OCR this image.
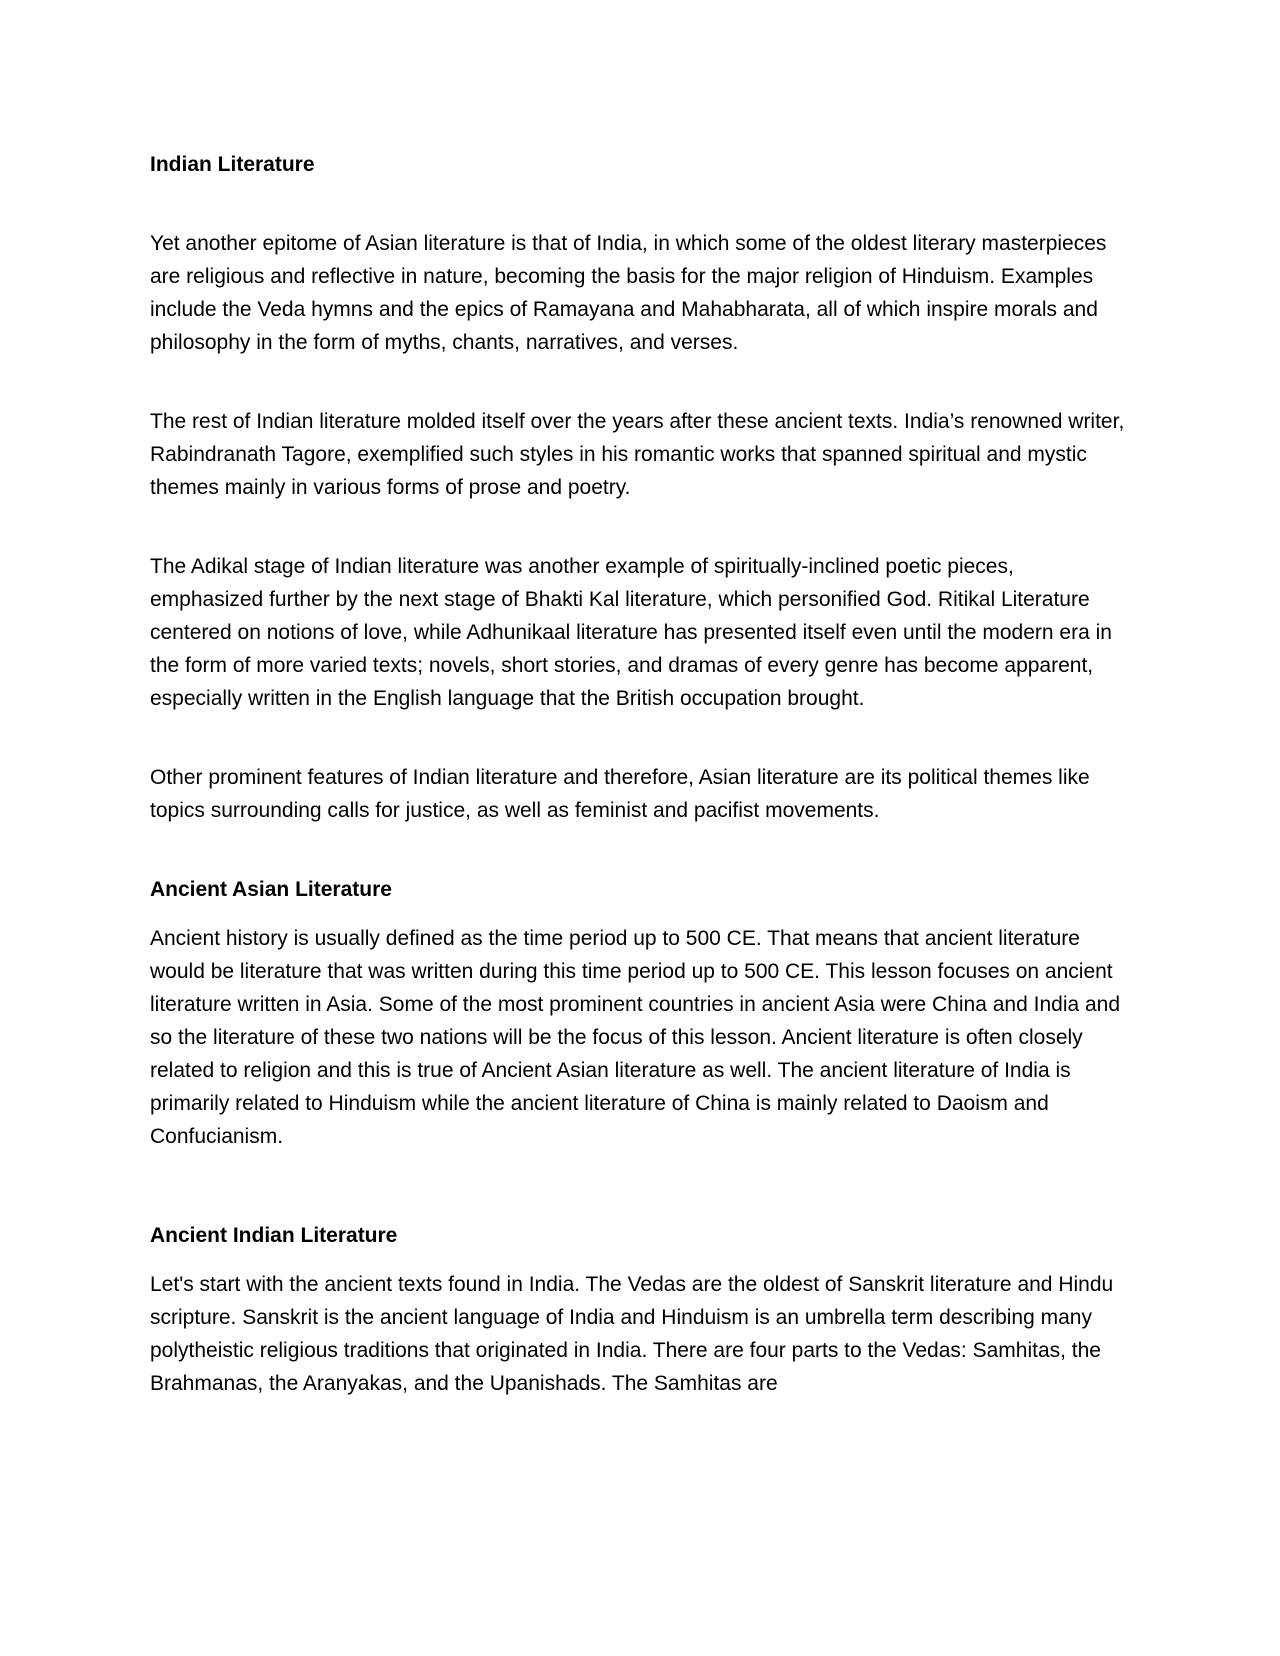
Indian Literature

Yet another epitome of Asian literature is that of India, in which some of the oldest literary masterpieces are religious and reflective in nature, becoming the basis for the major religion of Hinduism. Examples include the Veda hymns and the epics of Ramayana and Mahabharata, all of which inspire morals and philosophy in the form of myths, chants, narratives, and verses.

The rest of Indian literature molded itself over the years after these ancient texts. India’s renowned writer, Rabindranath Tagore, exemplified such styles in his romantic works that spanned spiritual and mystic themes mainly in various forms of prose and poetry.

The Adikal stage of Indian literature was another example of spiritually-inclined poetic pieces, emphasized further by the next stage of Bhakti Kal literature, which personified God. Ritikal Literature centered on notions of love, while Adhunikaal literature has presented itself even until the modern era in the form of more varied texts; novels, short stories, and dramas of every genre has become apparent, especially written in the English language that the British occupation brought.

Other prominent features of Indian literature and therefore, Asian literature are its political themes like topics surrounding calls for justice, as well as feminist and pacifist movements.

Ancient Asian Literature

Ancient history is usually defined as the time period up to 500 CE. That means that ancient literature would be literature that was written during this time period up to 500 CE. This lesson focuses on ancient literature written in Asia. Some of the most prominent countries in ancient Asia were China and India and so the literature of these two nations will be the focus of this lesson. Ancient literature is often closely related to religion and this is true of Ancient Asian literature as well. The ancient literature of India is primarily related to Hinduism while the ancient literature of China is mainly related to Daoism and Confucianism.

Ancient Indian Literature

Let's start with the ancient texts found in India. The Vedas are the oldest of Sanskrit literature and Hindu scripture. Sanskrit is the ancient language of India and Hinduism is an umbrella term describing many polytheistic religious traditions that originated in India. There are four parts to the Vedas: Samhitas, the Brahmanas, the Aranyakas, and the Upanishads. The Samhitas are
